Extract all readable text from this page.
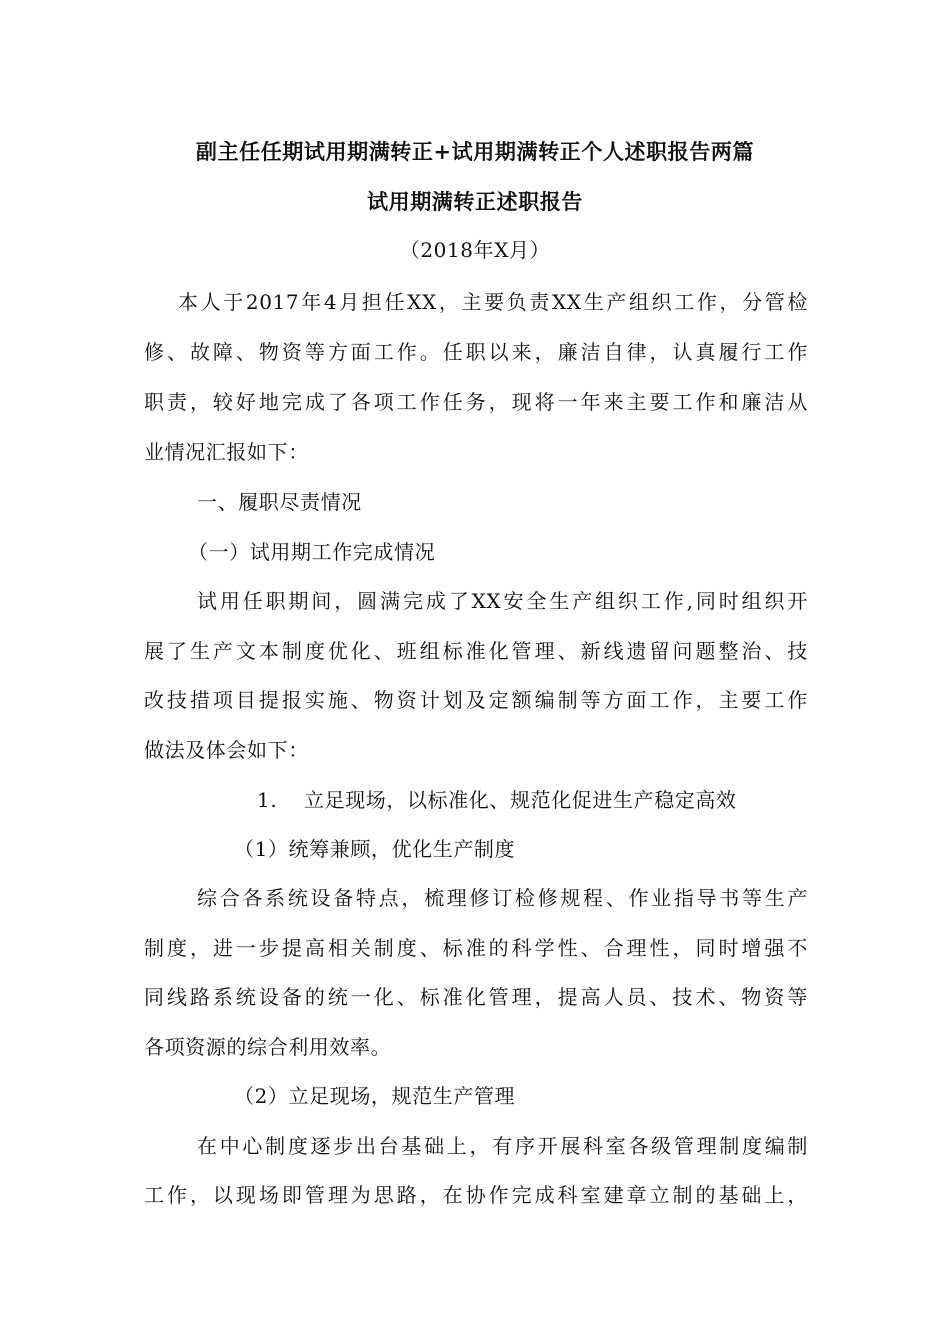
副主任任期试用期满转正+试用期满转正个人述职报告两篇
试用期满转正述职报告
（2018年X月）
本人于2017年4月担任XX，主要负责XX生产组织工作，分管检
修、故障、物资等方面工作。任职以来，廉洁自律，认真履行工作
职责，较好地完成了各项工作任务，现将一年来主要工作和廉洁从
业情况汇报如下：
一、履职尽责情况
（一）试用期工作完成情况
试用任职期间，圆满完成了XX安全生产组织工作,同时组织开
展了生产文本制度优化、班组标准化管理、新线遗留问题整治、技
改技措项目提报实施、物资计划及定额编制等方面工作，主要工作
做法及体会如下：
1. 立足现场，以标准化、规范化促进生产稳定高效
（1）统筹兼顾，优化生产制度
综合各系统设备特点，梳理修订检修规程、作业指导书等生产
制度，进一步提高相关制度、标准的科学性、合理性，同时增强不
同线路系统设备的统一化、标准化管理，提高人员、技术、物资等
各项资源的综合利用效率。
（2）立足现场，规范生产管理
在中心制度逐步出台基础上，有序开展科室各级管理制度编制
工作，以现场即管理为思路，在协作完成科室建章立制的基础上，
